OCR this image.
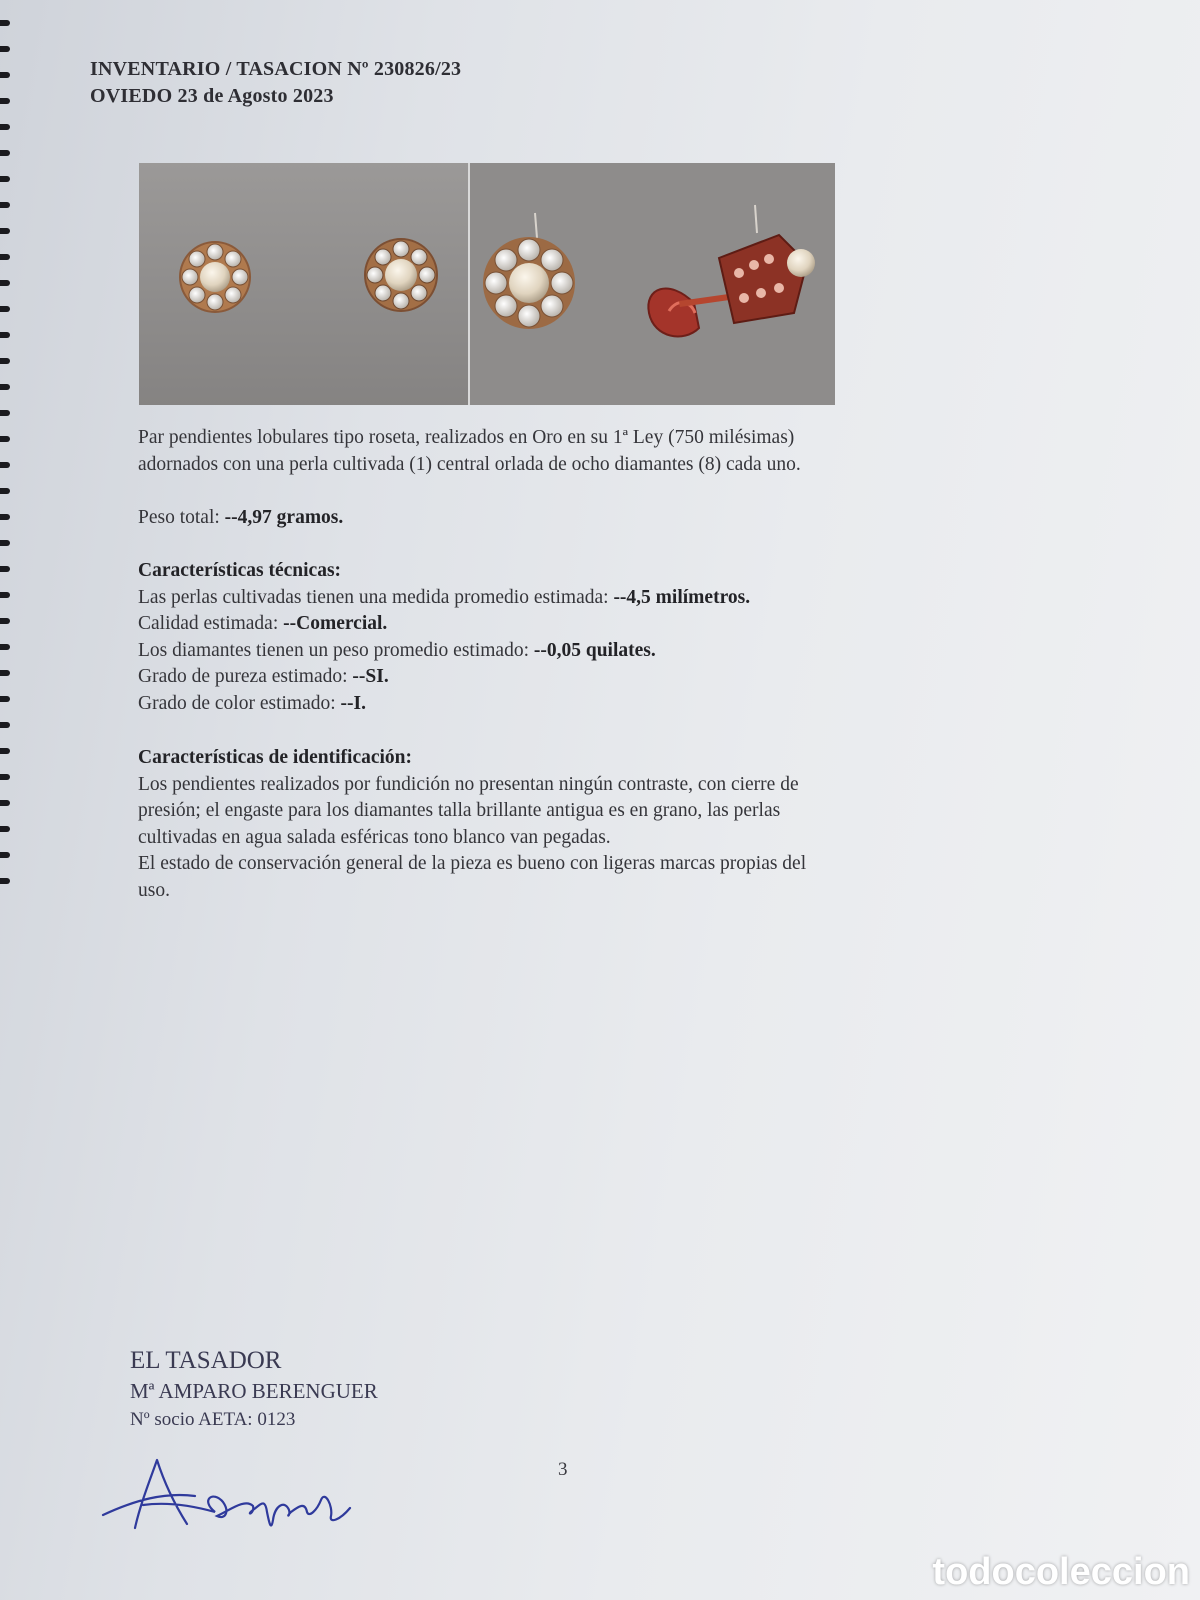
INVENTARIO / TASACION Nº 230826/23
OVIEDO 23 de Agosto 2023

Par pendientes lobulares tipo roseta, realizados en Oro en su 1ª Ley (750 milésimas)

adornados con una perla cultivada (1) central orlada de ocho diamantes (8) cada uno.

Peso total: --4,97 gramos.

Características técnicas:

Las perlas cultivadas tienen una medida promedio estimada: --4,5 milímetros.

Calidad estimada: --Comercial.

Los diamantes tienen un peso promedio estimado: --0,05 quilates.

Grado de pureza estimado: --SI.

Grado de color estimado: --I.

Características de identificación:

Los pendientes realizados por fundición no presentan ningún contraste, con cierre de

presión; el engaste para los diamantes talla brillante antigua es en grano, las perlas

cultivadas en agua salada esféricas tono blanco van pegadas.

El estado de conservación general de la pieza es bueno con ligeras marcas propias del

uso.

EL TASADOR
Mª AMPARO BERENGUER
Nº socio AETA: 0123
3
todocoleccion
